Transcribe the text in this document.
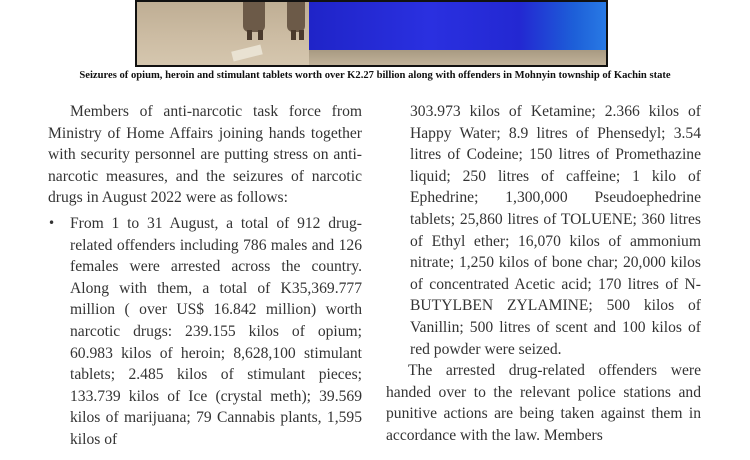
Seizures of opium, heroin and stimulant tablets worth over K2.27 billion along with offenders in Mohnyin township of Kachin state

Members of anti-narcotic task force from Ministry of Home Affairs joining hands together with security personnel are putting stress on anti-narcotic measures, and the seizures of narcotic drugs in August 2022 were as follows:

• From 1 to 31 August, a total of 912 drug-related offenders including 786 males and 126 females were arrested across the country. Along with them, a total of K35,369.777 million ( over US$ 16.842 million) worth narcotic drugs: 239.155 kilos of opium; 60.983 kilos of heroin; 8,628,100 stimulant tablets; 2.485 kilos of stimulant pieces; 133.739 kilos of Ice (crystal meth); 39.569 kilos of marijuana; 79 Cannabis plants, 1,595 kilos of

303.973 kilos of Ketamine; 2.366 kilos of Happy Water; 8.9 litres of Phensedyl; 3.54 litres of Codeine; 150 litres of Promethazine liquid; 250 litres of caffeine; 1 kilo of Ephedrine; 1,300,000 Pseudoephedrine tablets; 25,860 litres of TOLUENE; 360 litres of Ethyl ether; 16,070 kilos of ammonium nitrate; 1,250 kilos of bone char; 20,000 kilos of concentrated Acetic acid; 170 litres of N-BUTYLBEN ZYLAMINE; 500 kilos of Vanillin; 500 litres of scent and 100 kilos of red powder were seized.

The arrested drug-related offenders were handed over to the relevant police stations and punitive actions are being taken against them in accordance with the law. Members
